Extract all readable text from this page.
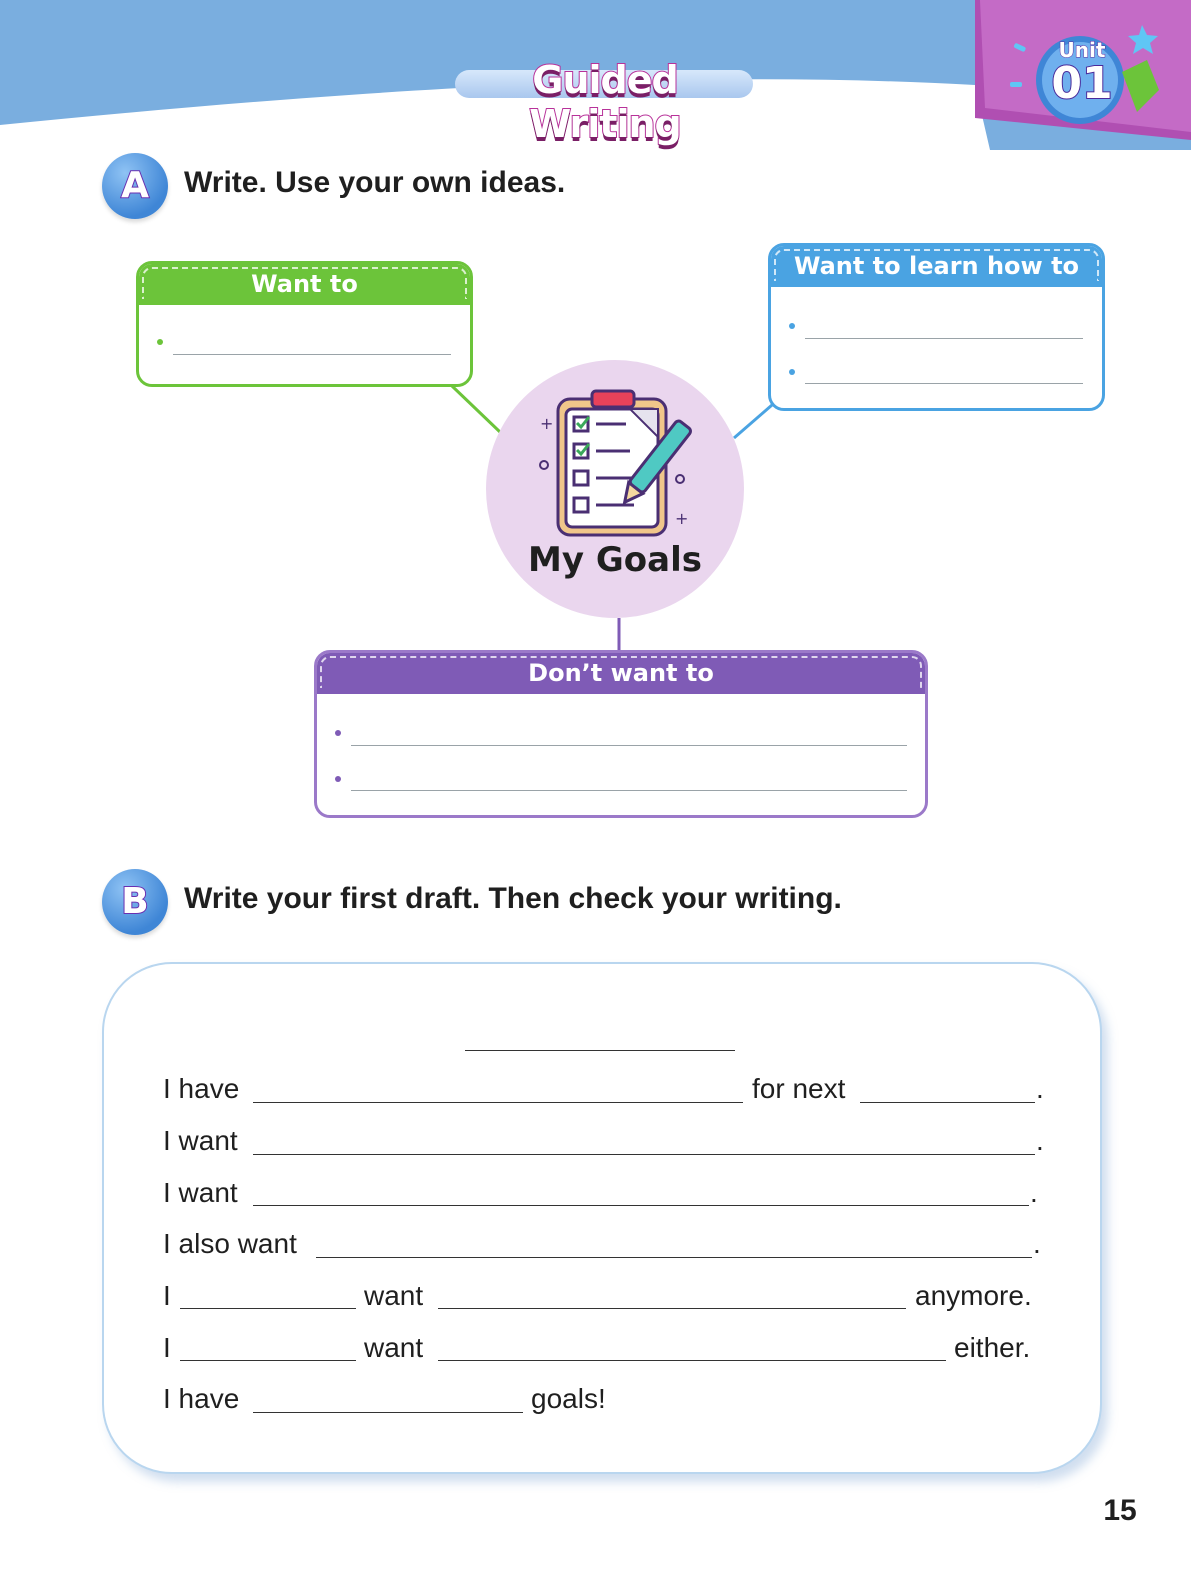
Guided Writing
Unit
01
A	Write. Use your own ideas.
Want to
Want to learn how to
+
+
My Goals
Don’t want to
B	Write your first draft. Then check your writing.
I have	for next	.
I want	.
I want	.
I also want	.
I	want	anymore.
I	want	either.
I have	goals!
15
